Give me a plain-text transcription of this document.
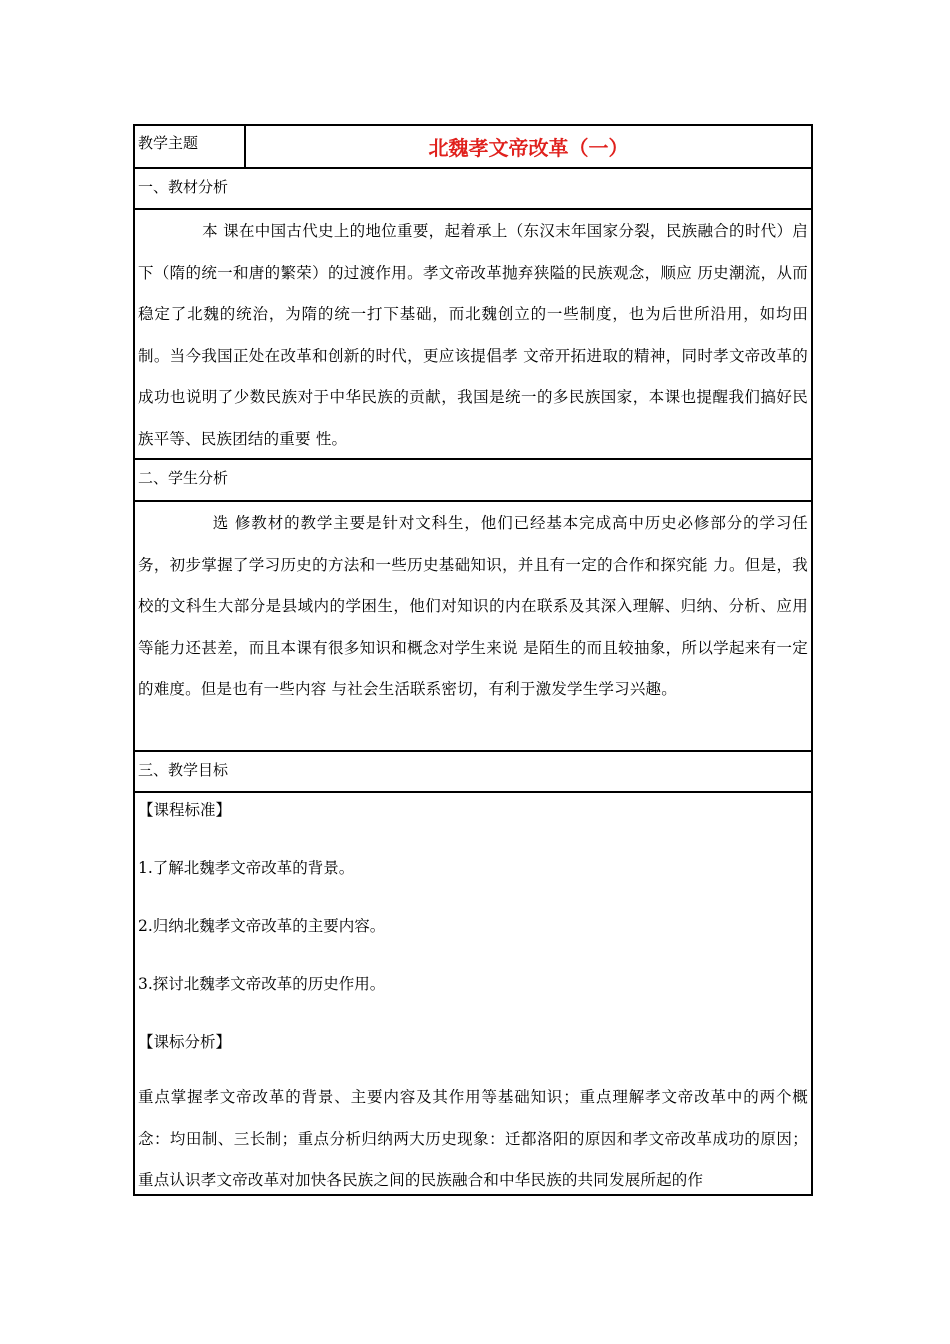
教学主题	北魏孝文帝改革（一）
一、教材分析

本 课在中国古代史上的地位重要，起着承上（东汉末年国家分裂，民族融合的时代）启下（隋的统一和唐的繁荣）的过渡作用。孝文帝改革抛弃狭隘的民族观念，顺应 历史潮流，从而稳定了北魏的统治，为隋的统一打下基础，而北魏创立的一些制度，也为后世所沿用，如均田制。当今我国正处在改革和创新的时代，更应该提倡孝 文帝开拓进取的精神，同时孝文帝改革的成功也说明了少数民族对于中华民族的贡献，我国是统一的多民族国家，本课也提醒我们搞好民族平等、民族团结的重要 性。

二、学生分析

选 修教材的教学主要是针对文科生，他们已经基本完成高中历史必修部分的学习任务，初步掌握了学习历史的方法和一些历史基础知识，并且有一定的合作和探究能 力。但是，我校的文科生大部分是县域内的学困生，他们对知识的内在联系及其深入理解、归纳、分析、应用等能力还甚差，而且本课有很多知识和概念对学生来说 是陌生的而且较抽象，所以学起来有一定的难度。但是也有一些内容 与社会生活联系密切，有利于激发学生学习兴趣。

三、教学目标
【课程标准】
1.了解北魏孝文帝改革的背景。
2.归纳北魏孝文帝改革的主要内容。
3.探讨北魏孝文帝改革的历史作用。
【课标分析】

重点掌握孝文帝改革的背景、主要内容及其作用等基础知识；重点理解孝文帝改革中的两个概念：均田制、三长制；重点分析归纳两大历史现象：迁都洛阳的原因和孝文帝改革成功的原因；重点认识孝文帝改革对加快各民族之间的民族融合和中华民族的共同发展所起的作
